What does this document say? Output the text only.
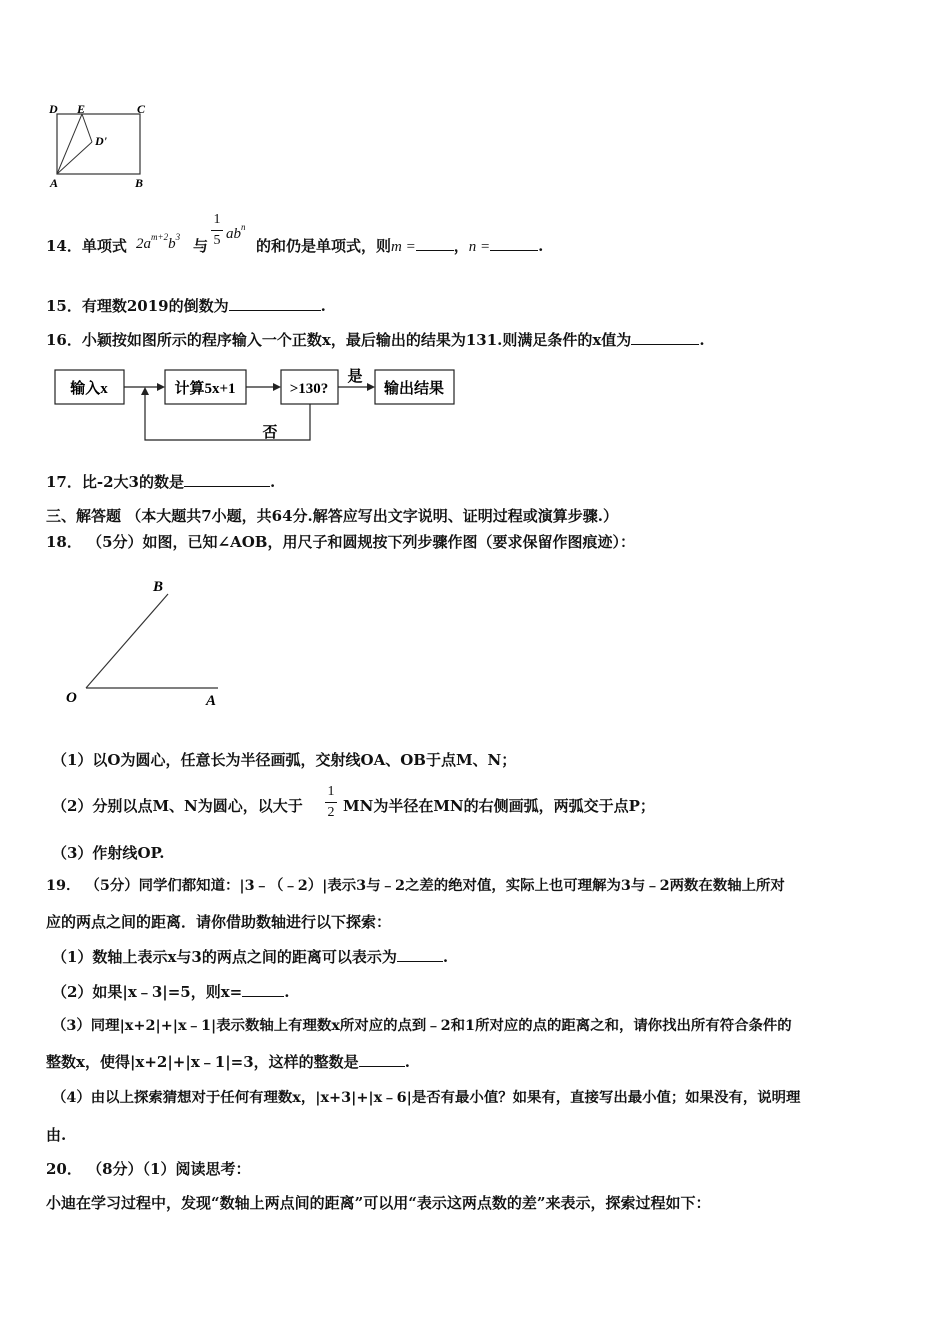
D E	C
D'
A	B
14．单项式 $2a^{m+2}b^3$ 与
1
5 $ab^n$
的和仍是单项式，则m =	，n =	.
15．有理数2019的倒数为	.
16．小颖按如图所示的程序输入一个正数x，最后输出的结果为131.则满足条件的x值为	.
输入x	计算5x+1	>130?	输出结果
是
否
17．比-2大3的数是	.
三、解答题 （本大题共7小题，共64分.解答应写出文字说明、证明过程或演算步骤.）
18． （5分）如图，已知∠AOB，用尺子和圆规按下列步骤作图（要求保留作图痕迹）：
B
O	A
（1）以O为圆心，任意长为半径画弧，交射线OA、OB于点M、N；
（2）分别以点M、N为圆心，以大于
1
2 MN为半径在MN的右侧画弧，两弧交于点P；
（3）作射线OP.
19． （5分）同学们都知道：|3﹣（﹣2）|表示3与﹣2之差的绝对值，实际上也可理解为3与﹣2两数在数轴上所对
应的两点之间的距离．请你借助数轴进行以下探索：
（1）数轴上表示x与3的两点之间的距离可以表示为	.
（2）如果|x﹣3|=5，则x=	.
（3）同理|x+2|+|x﹣1|表示数轴上有理数x所对应的点到﹣2和1所对应的点的距离之和，请你找出所有符合条件的
整数x，使得|x+2|+|x﹣1|=3，这样的整数是	.
（4）由以上探索猜想对于任何有理数x，|x+3|+|x﹣6|是否有最小值？如果有，直接写出最小值；如果没有，说明理
由.
20． （8分）（1）阅读思考：
小迪在学习过程中，发现“数轴上两点间的距离”可以用“表示这两点数的差”来表示，探索过程如下：
